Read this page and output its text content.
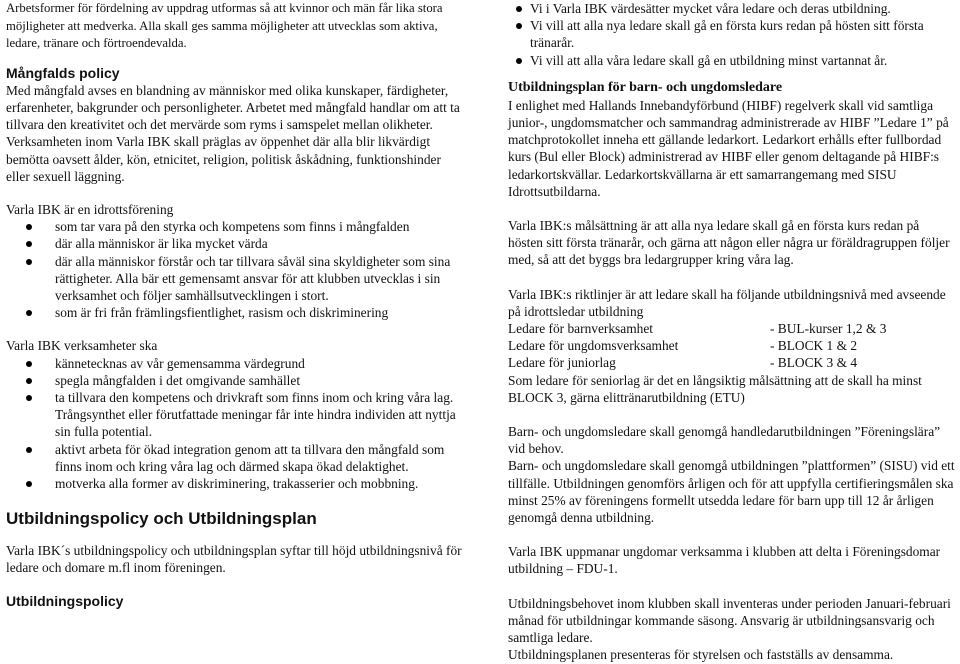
Arbetsformer för fördelning av uppdrag utformas så att kvinnor och män får lika stora möjligheter att medverka. Alla skall ges samma möjligheter att utvecklas som aktiva, ledare, tränare och förtroendevalda.

Mångfalds policy

Med mångfald avses en blandning av människor med olika kunskaper, färdigheter, erfarenheter, bakgrunder och personligheter. Arbetet med mångfald handlar om att ta tillvara den kreativitet och det mervärde som ryms i samspelet mellan olikheter.

Verksamheten inom Varla IBK skall präglas av öppenhet där alla blir likvärdigt bemötta oavsett ålder, kön, etnicitet, religion, politisk åskådning, funktionshinder eller sexuell läggning.

Varla IBK är en idrottsförening

som tar vara på den styrka och kompetens som finns i mångfalden
där alla människor är lika mycket värda
där alla människor förstår och tar tillvara såväl sina skyldigheter som sina rättigheter. Alla bär ett gemensamt ansvar för att klubben utvecklas i sin verksamhet och följer samhällsutvecklingen i stort.
som är fri från främlingsfientlighet, rasism och diskriminering

Varla IBK verksamheter ska

kännetecknas av vår gemensamma värdegrund
spegla mångfalden i det omgivande samhället
ta tillvara den kompetens och drivkraft som finns inom och kring våra lag. Trångsynthet eller förutfattade meningar får inte hindra individen att nyttja sin fulla potential.
aktivt arbeta för ökad integration genom att ta tillvara den mångfald som finns inom och kring våra lag och därmed skapa ökad delaktighet.
motverka alla former av diskriminering, trakasserier och mobbning.

Utbildningspolicy och Utbildningsplan

Varla IBK´s utbildningspolicy och utbildningsplan syftar till höjd utbildningsnivå för ledare och domare m.fl inom föreningen.

Utbildningspolicy

Vi i Varla IBK värdesätter mycket våra ledare och deras utbildning.
Vi vill att alla nya ledare skall gå en första kurs redan på hösten sitt första tränarår.
Vi vill att alla våra ledare skall gå en utbildning minst vartannat år.

Utbildningsplan för barn- och ungdomsledare

I enlighet med Hallands Innebandyförbund (HIBF) regelverk skall vid samtliga junior-, ungdomsmatcher och sammandrag administrerade av HIBF ”Ledare 1” på matchprotokollet inneha ett gällande ledarkort. Ledarkort erhålls efter fullbordad kurs (Bul eller Block) administrerad av HIBF eller genom deltagande på HIBF:s ledarkortskvällar. Ledarkortskvällarna är ett samarrangemang med SISU Idrottsutbildarna.

Varla IBK:s målsättning är att alla nya ledare skall gå en första kurs redan på hösten sitt första tränarår, och gärna att någon eller några ur föräldragruppen följer med, så att det byggs bra ledargrupper kring våra lag.

Varla IBK:s riktlinjer är att ledare skall ha följande utbildningsnivå med avseende på idrottsledar utbildning

Ledare för barnverksamhet	- BUL-kurser 1,2 & 3
Ledare för ungdomsverksamhet	- BLOCK 1 & 2
Ledare för juniorlag	- BLOCK 3 & 4

Som ledare för seniorlag är det en långsiktig målsättning att de skall ha minst BLOCK 3, gärna elittränarutbildning (ETU)

Barn- och ungdomsledare skall genomgå handledarutbildningen ”Föreningslära” vid behov.

Barn- och ungdomsledare skall genomgå utbildningen ”plattformen” (SISU) vid ett tillfälle. Utbildningen genomförs årligen och för att uppfylla certifieringsmålen ska minst 25% av föreningens formellt utsedda ledare för barn upp till 12 år årligen genomgå denna utbildning.

Varla IBK uppmanar ungdomar verksamma i klubben att delta i Föreningsdomar utbildning – FDU-1.

Utbildningsbehovet inom klubben skall inventeras under perioden Januari-februari månad för utbildningar kommande säsong. Ansvarig är utbildningsansvarig och samtliga ledare.

Utbildningsplanen presenteras för styrelsen och fastställs av densamma.
